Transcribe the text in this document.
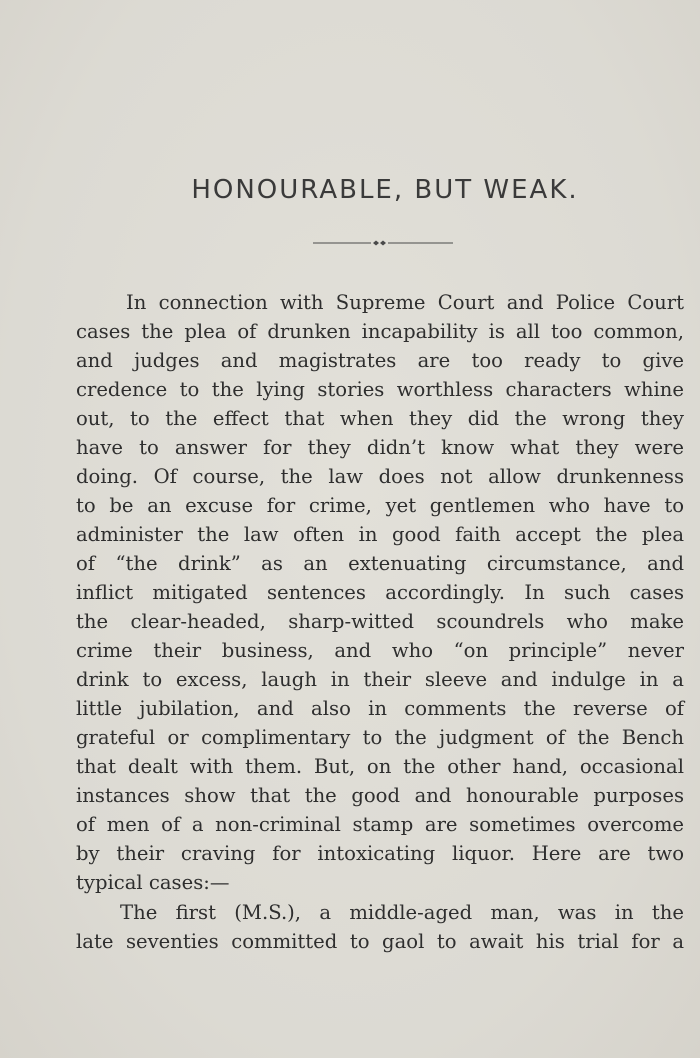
HONOURABLE, BUT WEAK.
In connection with Supreme Court and Police Court
cases the plea of drunken incapability is all too common,
and judges and magistrates are too ready to give
credence to the lying stories worthless characters whine
out, to the effect that when they did the wrong they
have to answer for they didn’t know what they were
doing. Of course, the law does not allow drunkenness
to be an excuse for crime, yet gentlemen who have to
administer the law often in good faith accept the plea
of “the drink” as an extenuating circumstance, and
inflict mitigated sentences accordingly. In such cases
the clear-headed, sharp-witted scoundrels who make
crime their business, and who “on principle” never
drink to excess, laugh in their sleeve and indulge in a
little jubilation, and also in comments the reverse of
grateful or complimentary to the judgment of the Bench
that dealt with them. But, on the other hand, occasional
instances show that the good and honourable purposes
of men of a non-criminal stamp are sometimes overcome
by their craving for intoxicating liquor. Here are two
typical cases:—
The first (M.S.), a middle-aged man, was in the
late seventies committed to gaol to await his trial for a
